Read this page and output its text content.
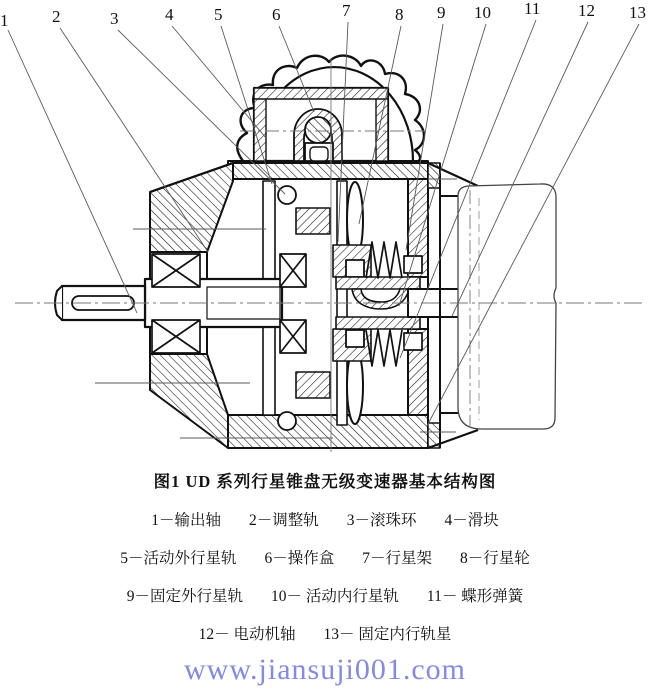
1	2	3	4 5	6	7	8 9 10 11 12 13
图1 UD 系列行星锥盘无级变速器基本结构图
1－输出轴 2－调整轨 3－滚珠环 4－滑块
5－活动外行星轨 6－操作盒 7－行星架 8－行星轮
9－固定外行星轨 10－ 活动内行星轨 11－ 蝶形弹簧
12－ 电动机轴 13－ 固定内行轨星
www.jiansuji001.com
